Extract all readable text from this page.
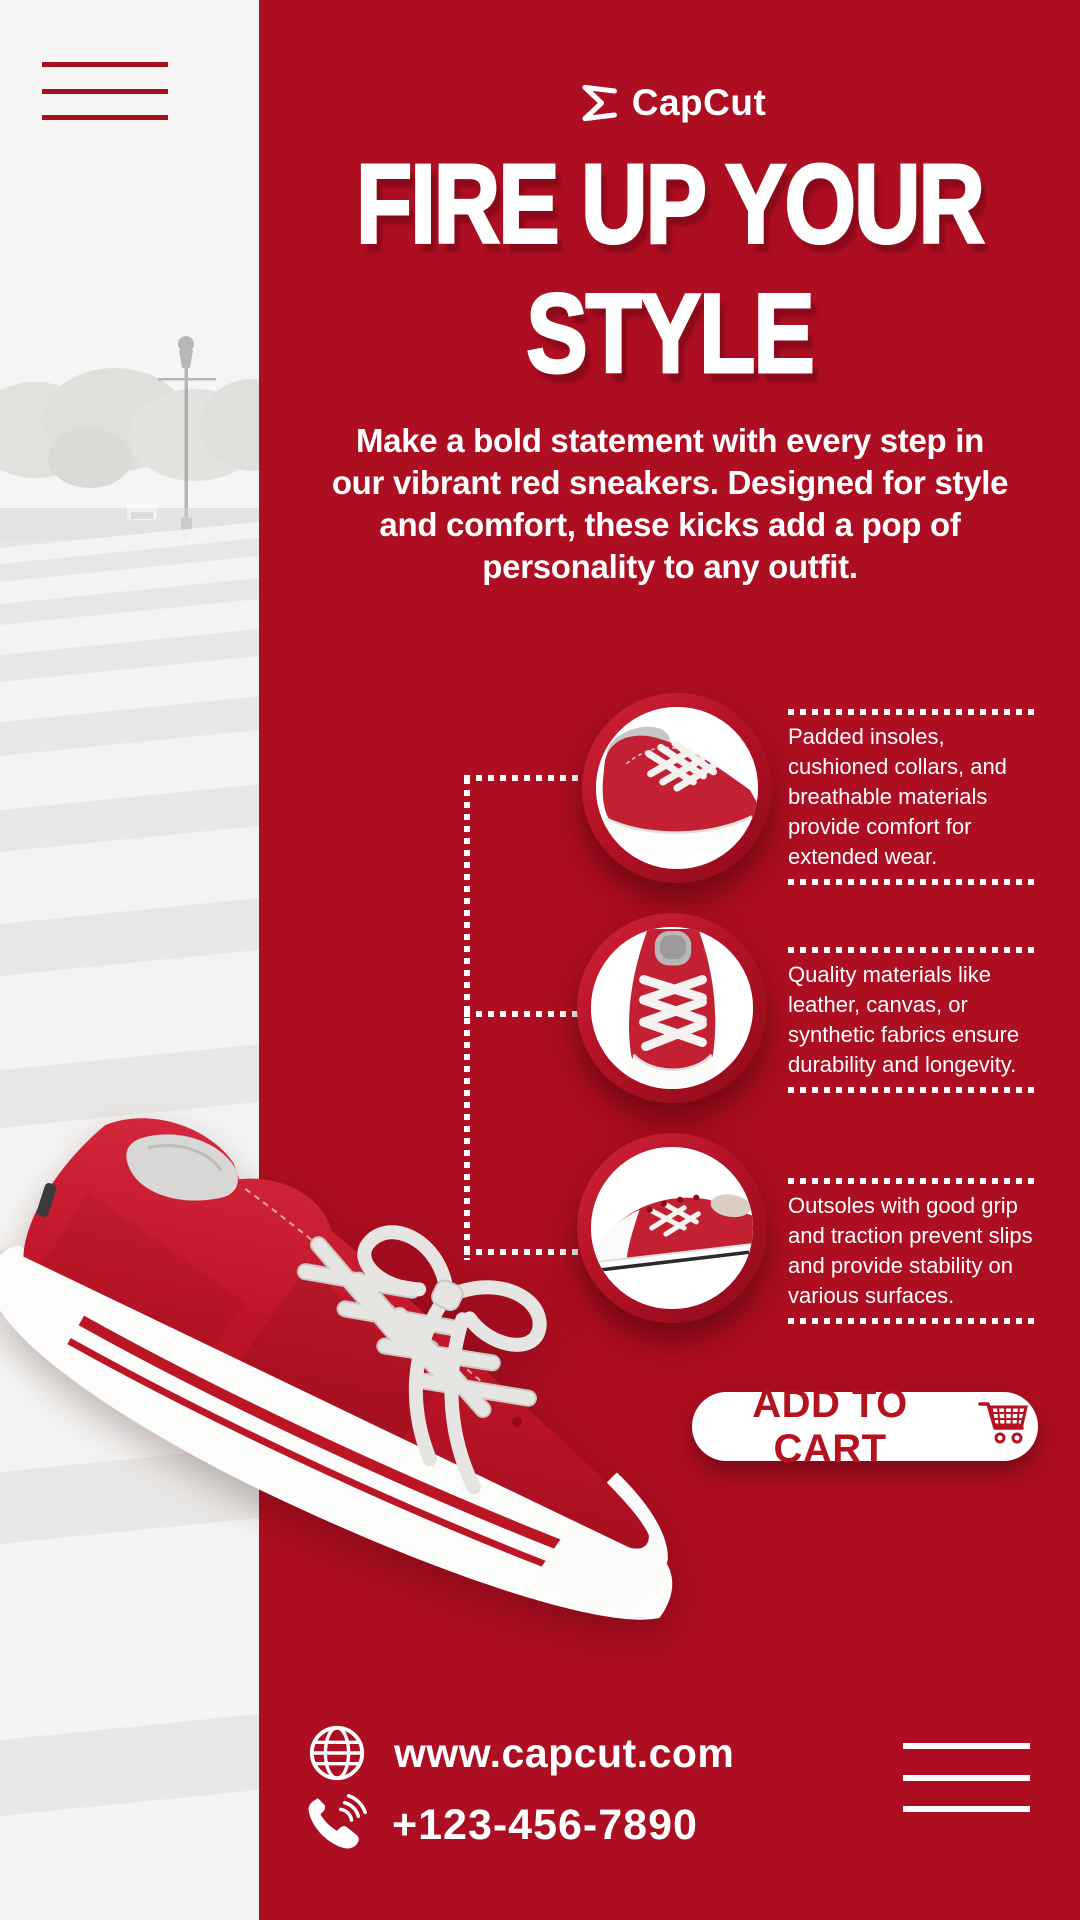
CapCut
FIRE UP YOUR
STYLE

Make a bold statement with every step in our vibrant red sneakers. Designed for style and comfort, these kicks add a pop of personality to any outfit.

Padded insoles, cushioned collars, and breathable materials provide comfort for extended wear.

Quality materials like leather, canvas, or synthetic fabrics ensure durability and longevity.

Outsoles with good grip and traction prevent slips and provide stability on various surfaces.

ADD TO CART
www.capcut.com
+123-456-7890
